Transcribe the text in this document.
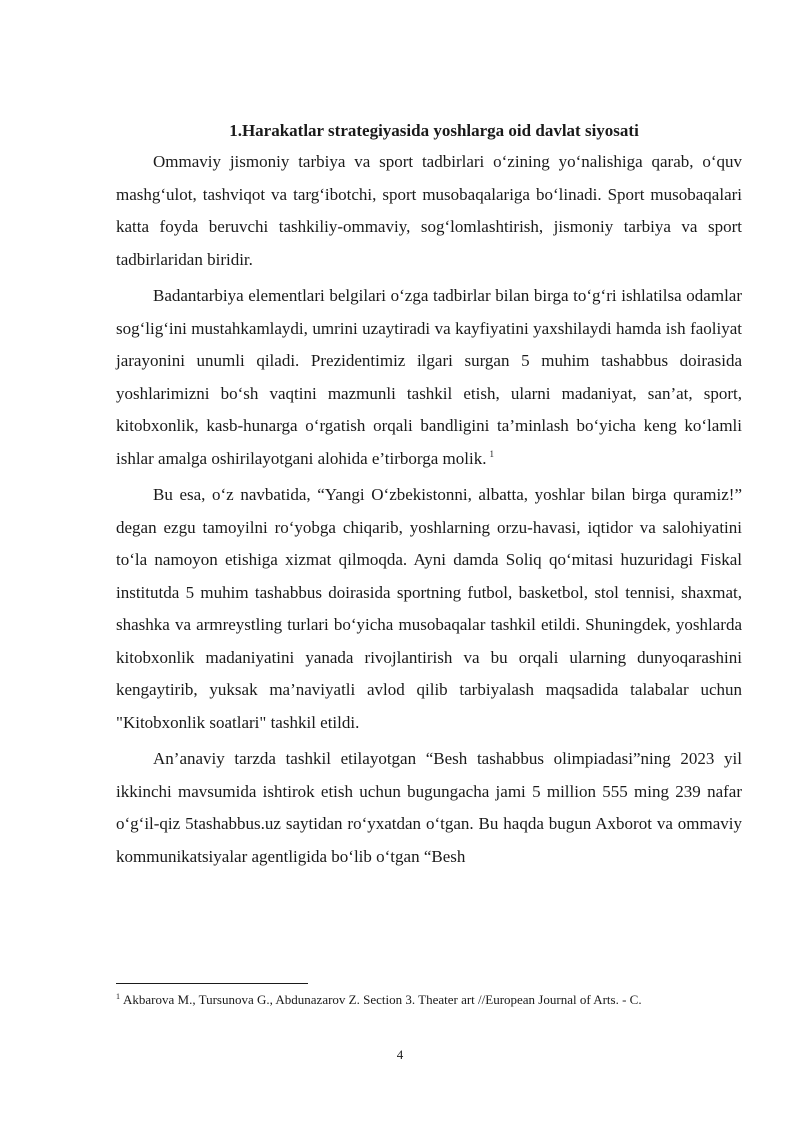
1.Harakatlar strategiyasida yoshlarga oid davlat siyosati

Ommaviy jismoniy tarbiya va sport tadbirlari o‘zining yo‘nalishiga qarab, o‘quv mashg‘ulot, tashviqot va targ‘ibotchi, sport musobaqalariga bo‘linadi. Sport musobaqalari katta foyda beruvchi tashkiliy-ommaviy, sog‘lomlashtirish, jismoniy tarbiya va sport tadbirlaridan biridir.

Badantarbiya elementlari belgilari o‘zga tadbirlar bilan birga to‘g‘ri ishlatilsa odamlar sog‘lig‘ini mustahkamlaydi, umrini uzaytiradi va kayfiyatini yaxshilaydi hamda ish faoliyat jarayonini unumli qiladi. Prezidentimiz ilgari surgan 5 muhim tashabbus doirasida yoshlarimizni bo‘sh vaqtini mazmunli tashkil etish, ularni madaniyat, san’at, sport, kitobxonlik, kasb-hunarga o‘rgatish orqali bandligini ta’minlash bo‘yicha keng ko‘lamli ishlar amalga oshirilayotgani alohida e’tirborga molik. $^1$

Bu esa, o‘z navbatida, “Yangi O‘zbekistonni, albatta, yoshlar bilan birga quramiz!” degan ezgu tamoyilni ro‘yobga chiqarib, yoshlarning orzu-havasi, iqtidor va salohiyatini to‘la namoyon etishiga xizmat qilmoqda. Ayni damda Soliq qo‘mitasi huzuridagi Fiskal institutda 5 muhim tashabbus doirasida sportning futbol, basketbol, stol tennisi, shaxmat, shashka va armreystling turlari bo‘yicha musobaqalar tashkil etildi. Shuningdek, yoshlarda kitobxonlik madaniyatini yanada rivojlantirish va bu orqali ularning dunyoqarashini kengaytirib, yuksak ma’naviyatli avlod qilib tarbiyalash maqsadida talabalar uchun "Kitobxonlik soatlari" tashkil etildi.

An’anaviy tarzda tashkil etilayotgan “Besh tashabbus olimpiadasi”ning 2023 yil ikkinchi mavsumida ishtirok etish uchun bugungacha jami 5 million 555 ming 239 nafar o‘g‘il-qiz 5tashabbus.uz saytidan ro‘yxatdan o‘tgan. Bu haqda bugun Axborot va ommaviy kommunikatsiyalar agentligida bo‘lib o‘tgan “Besh

$^1$ Akbarova M., Tursunova G., Abdunazarov Z. Section 3. Theater art //European Journal of Arts. - C.
4
